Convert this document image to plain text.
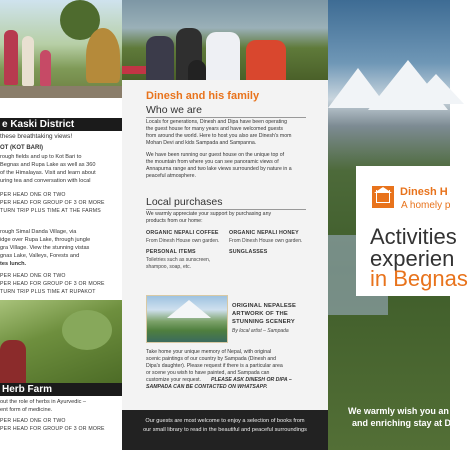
e Kaski District
these breathtaking views!
OT (KOT BARI)
rough fields and up to Kot Bari to
Begnas and Rupa Lake as well as 360
of the Himalayas. Visit and learn about
uring tea and conversation with local
PER HEAD ONE OR TWO
PER HEAD FOR GROUP OF 3 OR MORE
TURN TRIP PLUS TIME AT THE FARMS
rough Simal Danda Village, via
idge over Rupa Lake, through jungle
gra Village. View the stunning vistas
gnas Lake, Valleys, Forests and
tes lunch.
PER HEAD ONE OR TWO
PER HEAD FOR GROUP OF 3 OR MORE
TURN TRIP PLUS TIME AT RUPAKOT
Herb Farm
out the role of herbs in Ayurvedic –
ent form of medicine.
PER HEAD ONE OR TWO
PER HEAD FOR GROUP OF 3 OR MORE
Dinesh and his family
Who we are
Locals for generations, Dinesh and Dipa have been operating
the guest house for many years and have welcomed guests
from around the world. Here to host you also are Dinesh's mom
Mohan Devi and kids Sampada and Sampanna.
We have been running our guest house on the unique top of
the mountain from where you can see panoramic views of
Annapurna range and two lake views surrounded by nature in a
peaceful atmosphere.
Local purchases
We warmly appreciate your support by purchasing any
products from our home:
ORGANIC NEPALI COFFEE
From Dinesh House own garden.
ORGANIC NEPALI HONEY
From Dinesh House own garden.
PERSONAL ITEMS
Toiletries such as sunscreen, shampoo, soap, etc.
SUNGLASSES
ORIGINAL NEPALESE
ARTWORK OF THE
STUNNING SCENERY
By local artist – Sampada
Take home your unique memory of Nepal, with original
scenic paintings of our country by Sampada (Dinesh and
Dipa's daughter). Please request if there is a particular area
or scene you wish to have painted, and Sampada can
customize your request. PLEASE ASK DINESH OR DIPA –
SAMPADA CAN BE CONTACTED ON WHATSAPP.
Our guests are most welcome to enjoy a selection of books from
our small library to read in the beautiful and peaceful surroundings
Dinesh H
A homely p
Activities
experien
in Begnas
We warmly wish you an
and enriching stay at D
